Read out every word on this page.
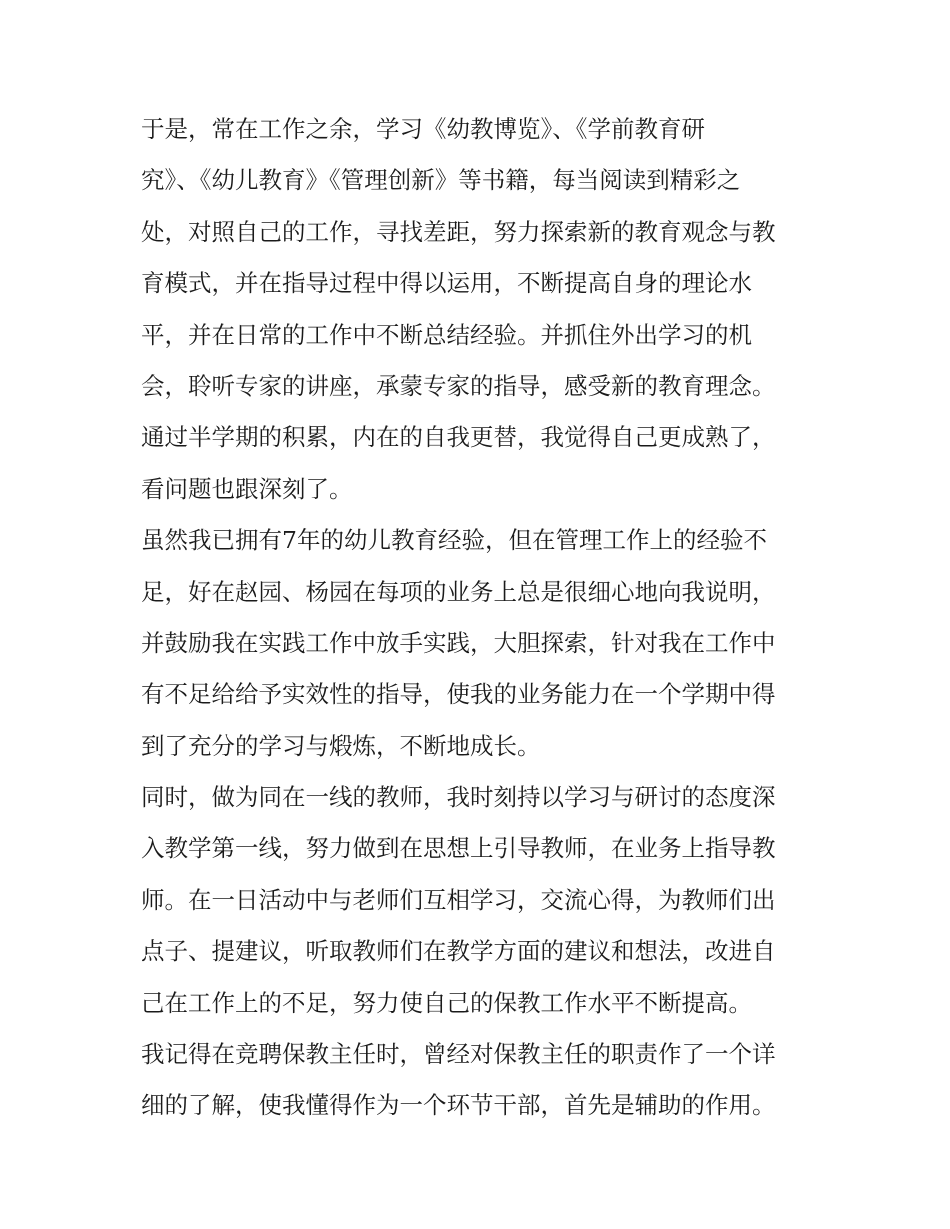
于是，常在工作之余，学习《幼教博览》、《学前教育研
究》、《幼儿教育》《管理创新》等书籍，每当阅读到精彩之
处，对照自己的工作，寻找差距，努力探索新的教育观念与教
育模式，并在指导过程中得以运用，不断提高自身的理论水
平，并在日常的工作中不断总结经验。并抓住外出学习的机
会，聆听专家的讲座，承蒙专家的指导，感受新的教育理念。
通过半学期的积累，内在的自我更替，我觉得自己更成熟了，
看问题也跟深刻了。
虽然我已拥有7年的幼儿教育经验，但在管理工作上的经验不
足，好在赵园、杨园在每项的业务上总是很细心地向我说明，
并鼓励我在实践工作中放手实践，大胆探索，针对我在工作中
有不足给给予实效性的指导，使我的业务能力在一个学期中得
到了充分的学习与煅炼，不断地成长。
同时，做为同在一线的教师，我时刻持以学习与研讨的态度深
入教学第一线，努力做到在思想上引导教师，在业务上指导教
师。在一日活动中与老师们互相学习，交流心得，为教师们出
点子、提建议，听取教师们在教学方面的建议和想法，改进自
己在工作上的不足，努力使自己的保教工作水平不断提高。
我记得在竞聘保教主任时，曾经对保教主任的职责作了一个详
细的了解，使我懂得作为一个环节干部，首先是辅助的作用。
